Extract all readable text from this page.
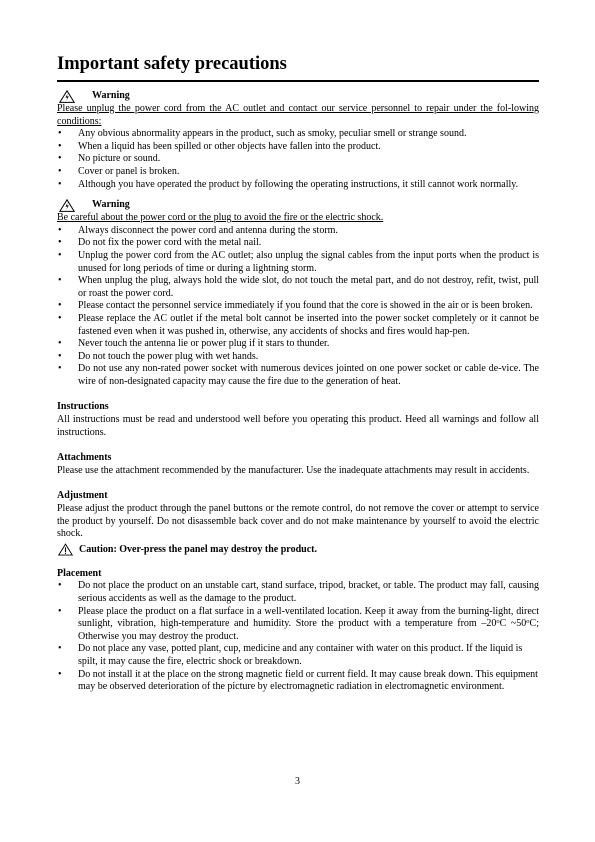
Important safety precautions
Warning

Please unplug the power cord from the AC outlet and contact our service personnel to repair under the fol-lowing conditions:

• Any obvious abnormality appears in the product, such as smoky, peculiar smell or strange sound.
• When a liquid has been spilled or other objects have fallen into the product.
• No picture or sound.
• Cover or panel is broken.
• Although you have operated the product by following the operating instructions, it still cannot work normally.
Warning

Be careful about the power cord or the plug to avoid the fire or the electric shock.

• Always disconnect the power cord and antenna during the storm.
• Do not fix the power cord with the metal nail.
• Unplug the power cord from the AC outlet; also unplug the signal cables from the input ports when the product is unused for long periods of time or during a lightning storm.
• When unplug the plug, always hold the wide slot, do not touch the metal part, and do not destroy, refit, twist, pull or roast the power cord.
• Please contact the personnel service immediately if you found that the core is showed in the air or is been broken.
• Please replace the AC outlet if the metal bolt cannot be inserted into the power socket completely or it cannot be fastened even when it was pushed in, otherwise, any accidents of shocks and fires would hap-pen.
• Never touch the antenna lie or power plug if it stars to thunder.
• Do not touch the power plug with wet hands.
• Do not use any non-rated power socket with numerous devices jointed on one power socket or cable de-vice. The wire of non-designated capacity may cause the fire due to the generation of heat.
Instructions

All instructions must be read and understood well before you operating this product. Heed all warnings and follow all instructions.

Attachments

Please use the attachment recommended by the manufacturer. Use the inadequate attachments may result in accidents.

Adjustment

Please adjust the product through the panel buttons or the remote control, do not remove the cover or attempt to service the product by yourself. Do not disassemble back cover and do not make maintenance by yourself to avoid the electric shock.

Caution: Over-press the panel may destroy the product.
Placement
• Do not place the product on an unstable cart, stand surface, tripod, bracket, or table. The product may fall, causing serious accidents as well as the damage to the product.
• Please place the product on a flat surface in a well-ventilated location. Keep it away from the burning-light, direct sunlight, vibration, high-temperature and humidity. Store the product with a temperature from –20$^o$C ~50$^o$C; Otherwise you may destroy the product.
• Do not place any vase, potted plant, cup, medicine and any container with water on this product. If the liquid is spilt, it may cause the fire, electric shock or breakdown.
• Do not install it at the place on the strong magnetic field or current field. It may cause break down. This equipment may be observed deterioration of the picture by electromagnetic radiation in electromagnetic environment.
3
